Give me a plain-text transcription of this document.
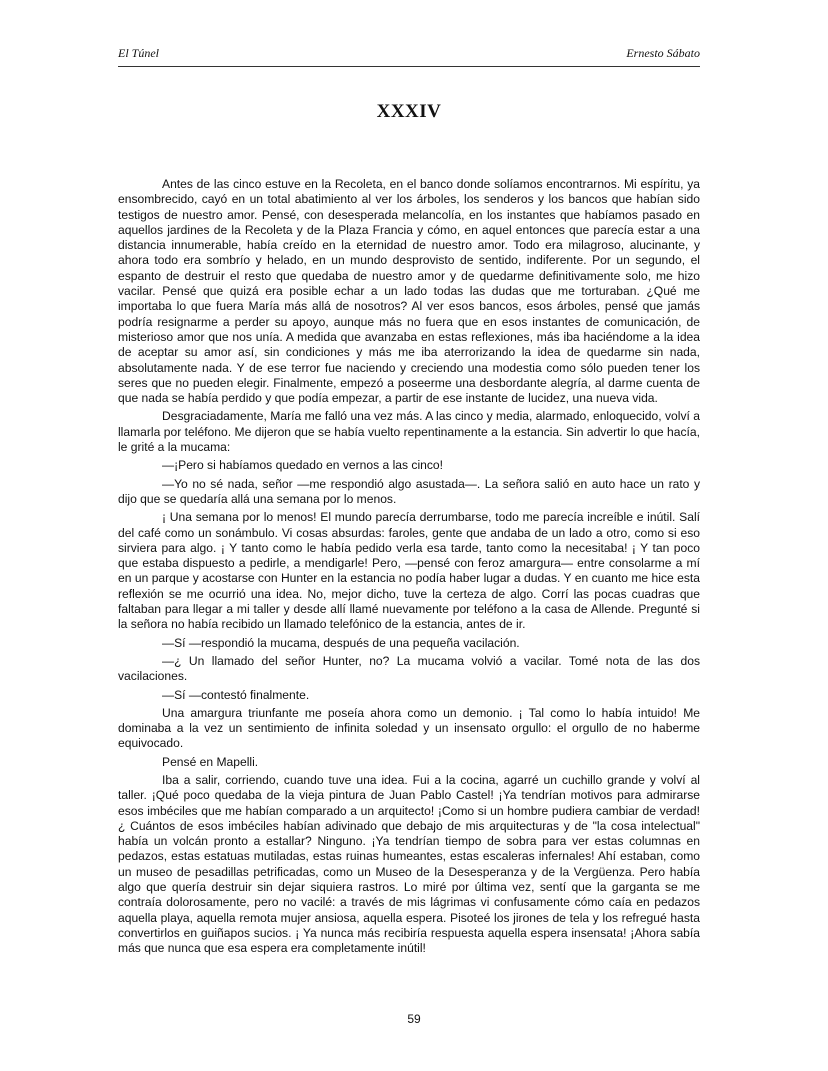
El Túnel	Ernesto Sábato
XXXIV

Antes de las cinco estuve en la Recoleta, en el banco donde solíamos encontrarnos. Mi espíritu, ya ensombrecido, cayó en un total abatimiento al ver los árboles, los senderos y los bancos que habían sido testigos de nuestro amor. Pensé, con desesperada melancolía, en los instantes que habíamos pasado en aquellos jardines de la Recoleta y de la Plaza Francia y cómo, en aquel entonces que parecía estar a una distancia innumerable, había creído en la eternidad de nuestro amor. Todo era milagroso, alucinante, y ahora todo era sombrío y helado, en un mundo desprovisto de sentido, indiferente. Por un segundo, el espanto de destruir el resto que quedaba de nuestro amor y de quedarme definitivamente solo, me hizo vacilar. Pensé que quizá era posible echar a un lado todas las dudas que me torturaban. ¿Qué me importaba lo que fuera María más allá de nosotros? Al ver esos bancos, esos árboles, pensé que jamás podría resignarme a perder su apoyo, aunque más no fuera que en esos instantes de comunicación, de misterioso amor que nos unía. A medida que avanzaba en estas reflexiones, más iba haciéndome a la idea de aceptar su amor así, sin condiciones y más me iba aterrorizando la idea de quedarme sin nada, absolutamente nada. Y de ese terror fue naciendo y creciendo una modestia como sólo pueden tener los seres que no pueden elegir. Finalmente, empezó a poseerme una desbordante alegría, al darme cuenta de que nada se había perdido y que podía empezar, a partir de ese instante de lucidez, una nueva vida.

Desgraciadamente, María me falló una vez más. A las cinco y media, alarmado, enloquecido, volví a llamarla por teléfono. Me dijeron que se había vuelto repentinamente a la estancia. Sin advertir lo que hacía, le grité a la mucama:

—¡Pero si habíamos quedado en vernos a las cinco!

—Yo no sé nada, señor —me respondió algo asustada—. La señora salió en auto hace un rato y dijo que se quedaría allá una semana por lo menos.

¡ Una semana por lo menos! El mundo parecía derrumbarse, todo me parecía increíble e inútil. Salí del café como un sonámbulo. Vi cosas absurdas: faroles, gente que andaba de un lado a otro, como si eso sirviera para algo. ¡ Y tanto como le había pedido verla esa tarde, tanto como la necesitaba! ¡ Y tan poco que estaba dispuesto a pedirle, a mendigarle! Pero, —pensé con feroz amargura— entre consolarme a mí en un parque y acostarse con Hunter en la estancia no podía haber lugar a dudas. Y en cuanto me hice esta reflexión se me ocurrió una idea. No, mejor dicho, tuve la certeza de algo. Corrí las pocas cuadras que faltaban para llegar a mi taller y desde allí llamé nuevamente por teléfono a la casa de Allende. Pregunté si la señora no había recibido un llamado telefónico de la estancia, antes de ir.

—Sí —respondió la mucama, después de una pequeña vacilación.

—¿ Un llamado del señor Hunter, no? La mucama volvió a vacilar. Tomé nota de las dos vacilaciones.

—Sí —contestó finalmente.

Una amargura triunfante me poseía ahora como un demonio. ¡ Tal como lo había intuido! Me dominaba a la vez un sentimiento de infinita soledad y un insensato orgullo: el orgullo de no haberme equivocado.

Pensé en Mapelli.

Iba a salir, corriendo, cuando tuve una idea. Fui a la cocina, agarré un cuchillo grande y volví al taller. ¡Qué poco quedaba de la vieja pintura de Juan Pablo Castel! ¡Ya tendrían motivos para admirarse esos imbéciles que me habían comparado a un arquitecto! ¡Como si un hombre pudiera cambiar de verdad! ¿ Cuántos de esos imbéciles habían adivinado que debajo de mis arquitecturas y de "la cosa intelectual" había un volcán pronto a estallar? Ninguno. ¡Ya tendrían tiempo de sobra para ver estas columnas en pedazos, estas estatuas mutiladas, estas ruinas humeantes, estas escaleras infernales! Ahí estaban, como un museo de pesadillas petrificadas, como un Museo de la Desesperanza y de la Vergüenza. Pero había algo que quería destruir sin dejar siquiera rastros. Lo miré por última vez, sentí que la garganta se me contraía dolorosamente, pero no vacilé: a través de mis lágrimas vi confusamente cómo caía en pedazos aquella playa, aquella remota mujer ansiosa, aquella espera. Pisoteé los jirones de tela y los refregué hasta convertirlos en guiñapos sucios. ¡ Ya nunca más recibiría respuesta aquella espera insensata! ¡Ahora sabía más que nunca que esa espera era completamente inútil!

59
